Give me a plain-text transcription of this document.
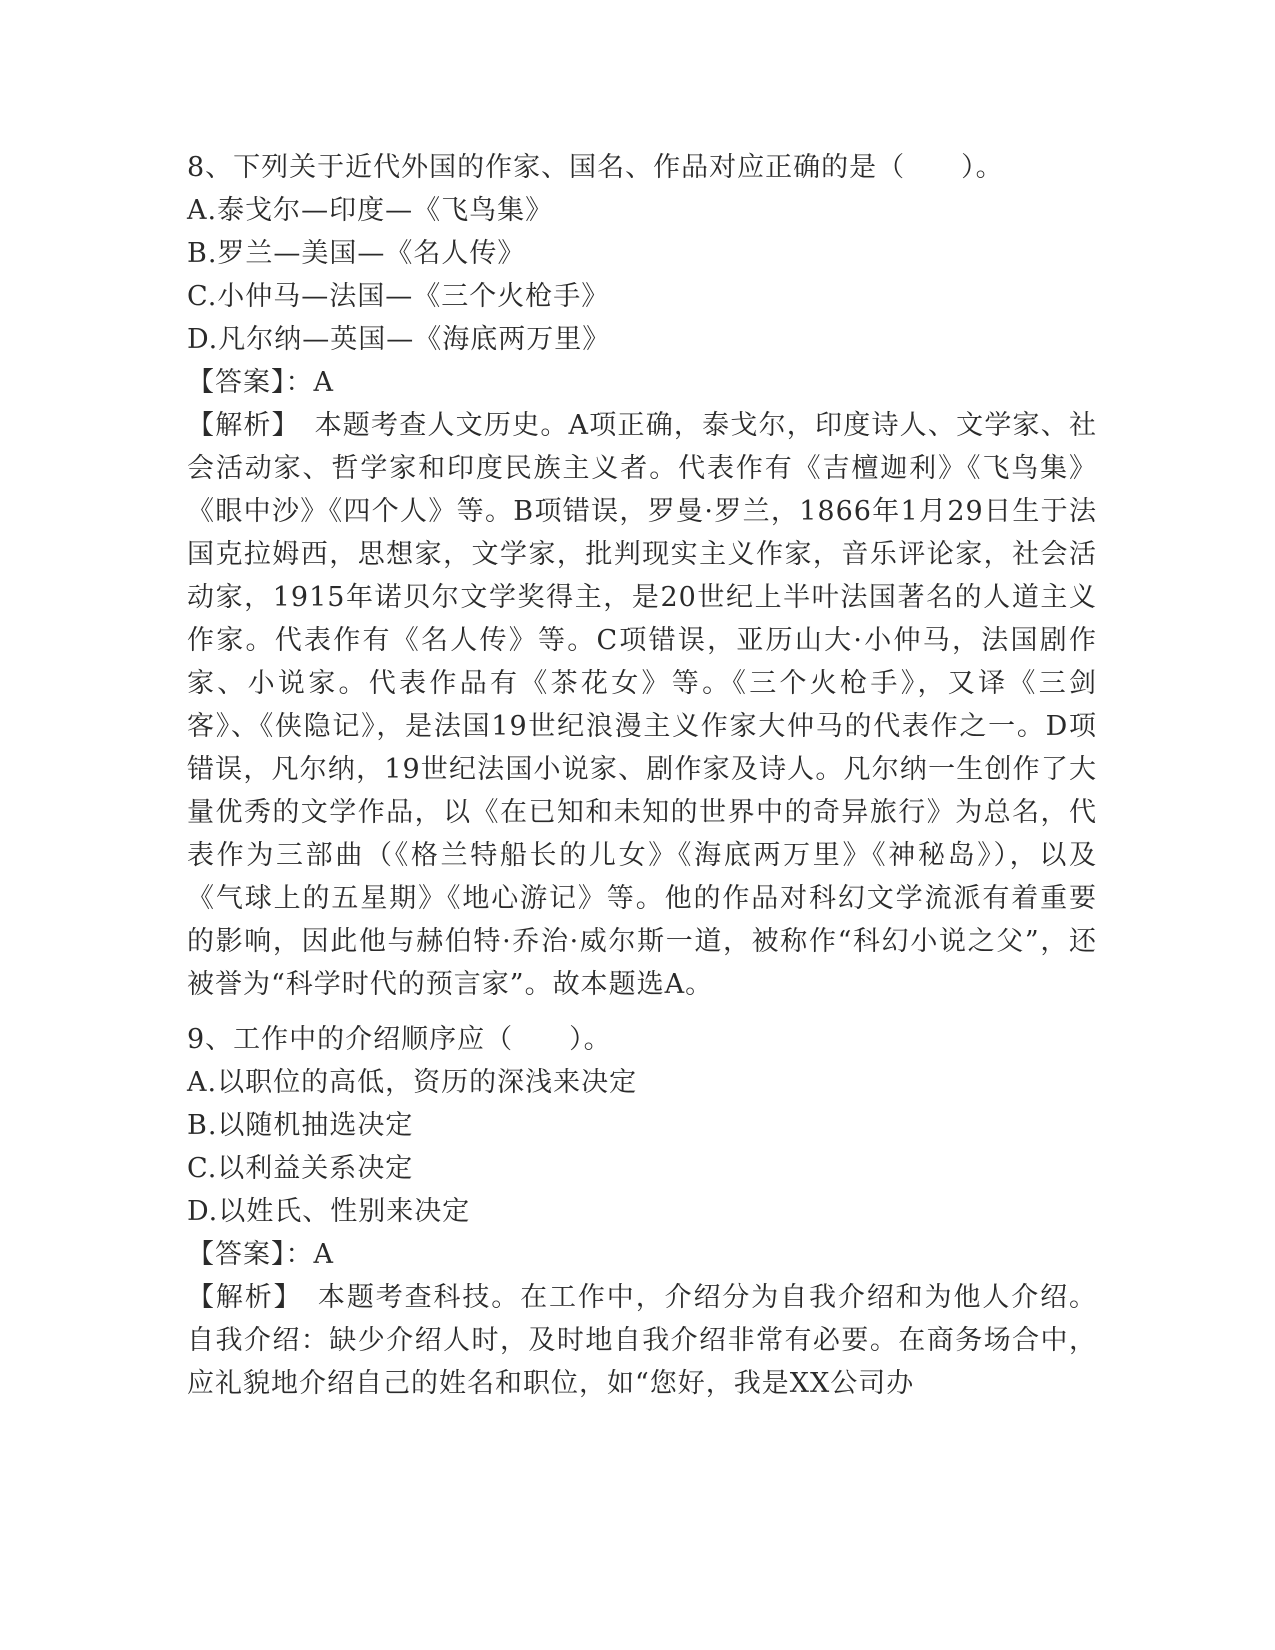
8、下列关于近代外国的作家、国名、作品对应正确的是（　　）。

A.泰戈尔—印度—《飞鸟集》

B.罗兰—美国—《名人传》

C.小仲马—法国—《三个火枪手》

D.凡尔纳—英国—《海底两万里》

【答案】：A

【解析】　本题考查人文历史。A项正确，泰戈尔，印度诗人、文学家、社会活动家、哲学家和印度民族主义者。代表作有《吉檀迦利》《飞鸟集》《眼中沙》《四个人》等。B项错误，罗曼·罗兰，1866年1月29日生于法国克拉姆西，思想家，文学家，批判现实主义作家，音乐评论家，社会活动家，1915年诺贝尔文学奖得主，是20世纪上半叶法国著名的人道主义作家。代表作有《名人传》等。C项错误，亚历山大·小仲马，法国剧作家、小说家。代表作品有《茶花女》等。《三个火枪手》，又译《三剑客》、《侠隐记》，是法国19世纪浪漫主义作家大仲马的代表作之一。D项错误，凡尔纳，19世纪法国小说家、剧作家及诗人。凡尔纳一生创作了大量优秀的文学作品，以《在已知和未知的世界中的奇异旅行》为总名，代表作为三部曲（《格兰特船长的儿女》《海底两万里》《神秘岛》），以及《气球上的五星期》《地心游记》等。他的作品对科幻文学流派有着重要的影响，因此他与赫伯特·乔治·威尔斯一道，被称作“科幻小说之父”，还被誉为“科学时代的预言家”。故本题选A。

9、工作中的介绍顺序应（　　）。

A.以职位的高低，资历的深浅来决定

B.以随机抽选决定

C.以利益关系决定

D.以姓氏、性别来决定

【答案】：A

【解析】　本题考查科技。在工作中，介绍分为自我介绍和为他人介绍。自我介绍：缺少介绍人时，及时地自我介绍非常有必要。在商务场合中，应礼貌地介绍自己的姓名和职位，如“您好，我是XX公司办
